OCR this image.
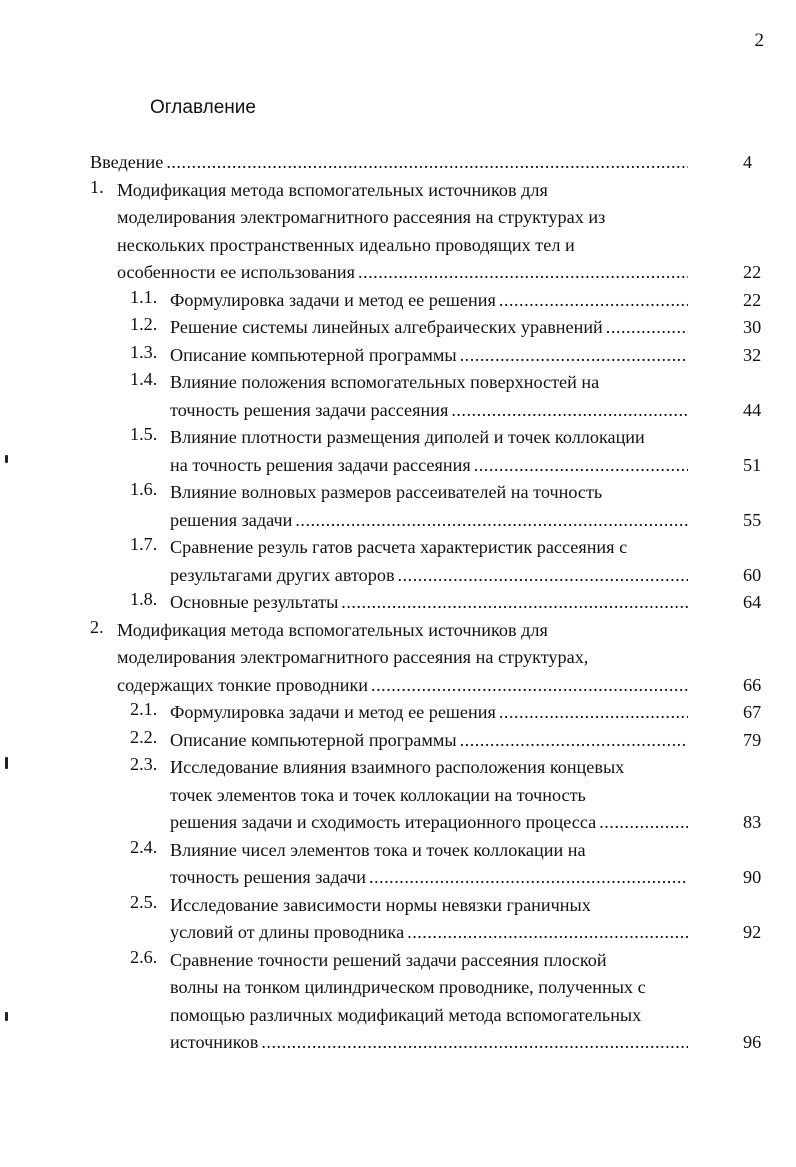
2
Оглавление
Введение .....	4
1. Модификация метода вспомогательных источников для
моделирования электромагнитного рассеяния на структурах из
нескольких пространственных идеально проводящих тел и
особенности ее использования .....	22
1.1. Формулировка задачи и метод ее решения .....	22
1.2. Решение системы линейных алгебраических уравнений .....	30
1.3. Описание компьютерной программы .....	32
1.4. Влияние положения вспомогательных поверхностей на
точность решения задачи рассеяния .....	44
1.5. Влияние плотности размещения диполей и точек коллокации
на точность решения задачи рассеяния .....	51
1.6. Влияние волновых размеров рассеивателей на точность
решения задачи .....	55
1.7. Сравнение резуль гатов расчета характеристик рассеяния с
результагами других авторов .....	60
1.8. Основные результаты .....	64
2. Модификация метода вспомогательных источников для
моделирования электромагнитного рассеяния на структурах,
содержащих тонкие проводники .....	66
2.1. Формулировка задачи и метод ее решения .....	67
2.2. Описание компьютерной программы .....	79
2.3. Исследование влияния взаимного расположения концевых
точек элементов тока и точек коллокации на точность
решения задачи и сходимость итерационного процесса .....	83
2.4. Влияние чисел элементов тока и точек коллокации на
точность решения задачи .....	90
2.5. Исследование зависимости нормы невязки граничных
условий от длины проводника .....	92
2.6. Сравнение точности решений задачи рассеяния плоской
волны на тонком цилиндрическом проводнике, полученных с
помощью различных модификаций метода вспомогательных
источников .....	96
